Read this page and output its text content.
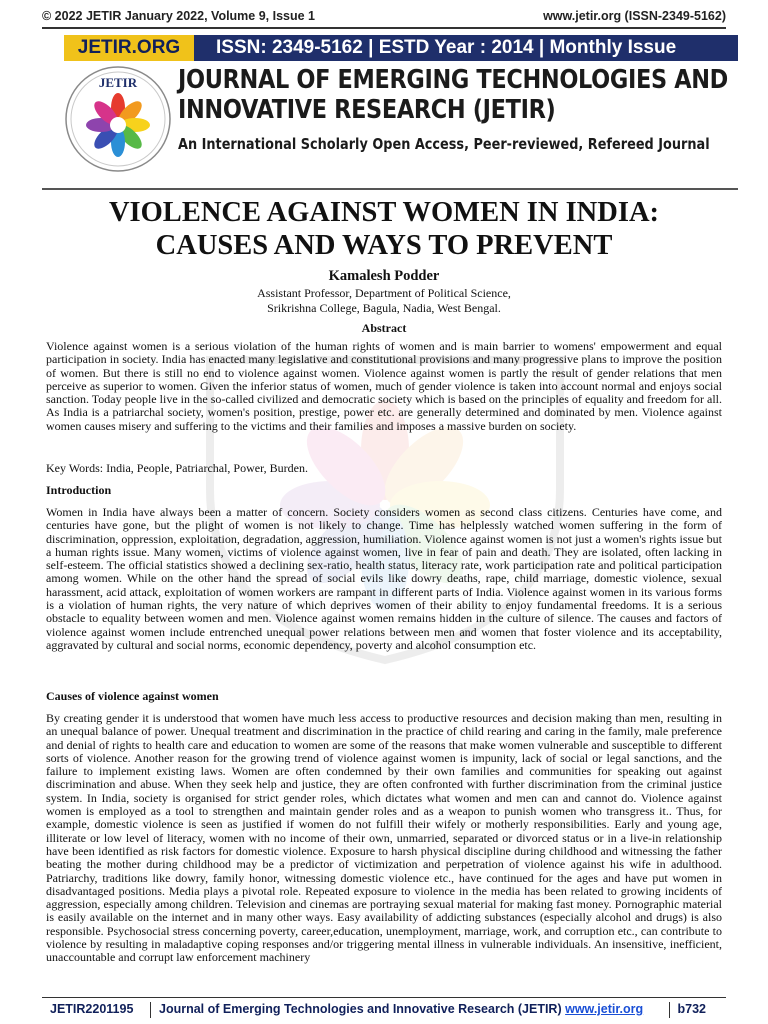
© 2022 JETIR January 2022, Volume 9, Issue 1	www.jetir.org (ISSN-2349-5162)
JETIR.ORG	ISSN: 2349-5162 | ESTD Year : 2014 | Monthly Issue
JETIR JOURNAL OF EMERGING TECHNOLOGIES AND
INNOVATIVE RESEARCH (JETIR)
An International Scholarly Open Access, Peer-reviewed, Refereed Journal
VIOLENCE AGAINST WOMEN IN INDIA:
CAUSES AND WAYS TO PREVENT
Kamalesh Podder
Assistant Professor, Department of Political Science,
Srikrishna College, Bagula, Nadia, West Bengal.
Abstract
Violence against women is a serious violation of the human rights of women and is main barrier to womens' empowerment and equal participation in society. India has enacted many legislative and constitutional provisions and many progressive plans to improve the position of women. But there is still no end to violence against women. Violence against women is partly the result of gender relations that men perceive as superior to women. Given the inferior status of women, much of gender violence is taken into account normal and enjoys social sanction. Today people live in the so-called civilized and democratic society which is based on the principles of equality and freedom for all. As India is a patriarchal society, women's position, prestige, power etc. are generally determined and dominated by men. Violence against women causes misery and suffering to the victims and their families and imposes a massive burden on society.
Key Words: India, People, Patriarchal, Power, Burden.
Introduction
Women in India have always been a matter of concern. Society considers women as second class citizens. Centuries have come, and centuries have gone, but the plight of women is not likely to change. Time has helplessly watched women suffering in the form of discrimination, oppression, exploitation, degradation, aggression, humiliation. Violence against women is not just a women's rights issue but a human rights issue. Many women, victims of violence against women, live in fear of pain and death. They are isolated, often lacking in self-esteem. The official statistics showed a declining sex-ratio, health status, literacy rate, work participation rate and political participation among women. While on the other hand the spread of social evils like dowry deaths, rape, child marriage, domestic violence, sexual harassment, acid attack, exploitation of women workers are rampant in different parts of India. Violence against women in its various forms is a violation of human rights, the very nature of which deprives women of their ability to enjoy fundamental freedoms. It is a serious obstacle to equality between women and men. Violence against women remains hidden in the culture of silence. The causes and factors of violence against women include entrenched unequal power relations between men and women that foster violence and its acceptability, aggravated by cultural and social norms, economic dependency, poverty and alcohol consumption etc.
Causes of violence against women
By creating gender it is understood that women have much less access to productive resources and decision making than men, resulting in an unequal balance of power. Unequal treatment and discrimination in the practice of child rearing and caring in the family, male preference and denial of rights to health care and education to women are some of the reasons that make women vulnerable and susceptible to different sorts of violence. Another reason for the growing trend of violence against women is impunity, lack of social or legal sanctions, and the failure to implement existing laws. Women are often condemned by their own families and communities for speaking out against discrimination and abuse. When they seek help and justice, they are often confronted with further discrimination from the criminal justice system. In India, society is organised for strict gender roles, which dictates what women and men can and cannot do. Violence against women is employed as a tool to strengthen and maintain gender roles and as a weapon to punish women who transgress it.. Thus, for example, domestic violence is seen as justified if women do not fulfill their wifely or motherly responsibilities. Early and young age, illiterate or low level of literacy, women with no income of their own, unmarried, separated or divorced status or in a live-in relationship have been identified as risk factors for domestic violence. Exposure to harsh physical discipline during childhood and witnessing the father beating the mother during childhood may be a predictor of victimization and perpetration of violence against his wife in adulthood. Patriarchy, traditions like dowry, family honor, witnessing domestic violence etc., have continued for the ages and have put women in disadvantaged positions. Media plays a pivotal role. Repeated exposure to violence in the media has been related to growing incidents of aggression, especially among children. Television and cinemas are portraying sexual material for making fast money. Pornographic material is easily available on the internet and in many other ways. Easy availability of addicting substances (especially alcohol and drugs) is also responsible. Psychosocial stress concerning poverty, career,education, unemployment, marriage, work, and corruption etc., can contribute to violence by resulting in maladaptive coping responses and/or triggering mental illness in vulnerable individuals. An insensitive, inefficient, unaccountable and corrupt law enforcement machinery
JETIR2201195	Journal of Emerging Technologies and Innovative Research (JETIR) www.jetir.org	b732
